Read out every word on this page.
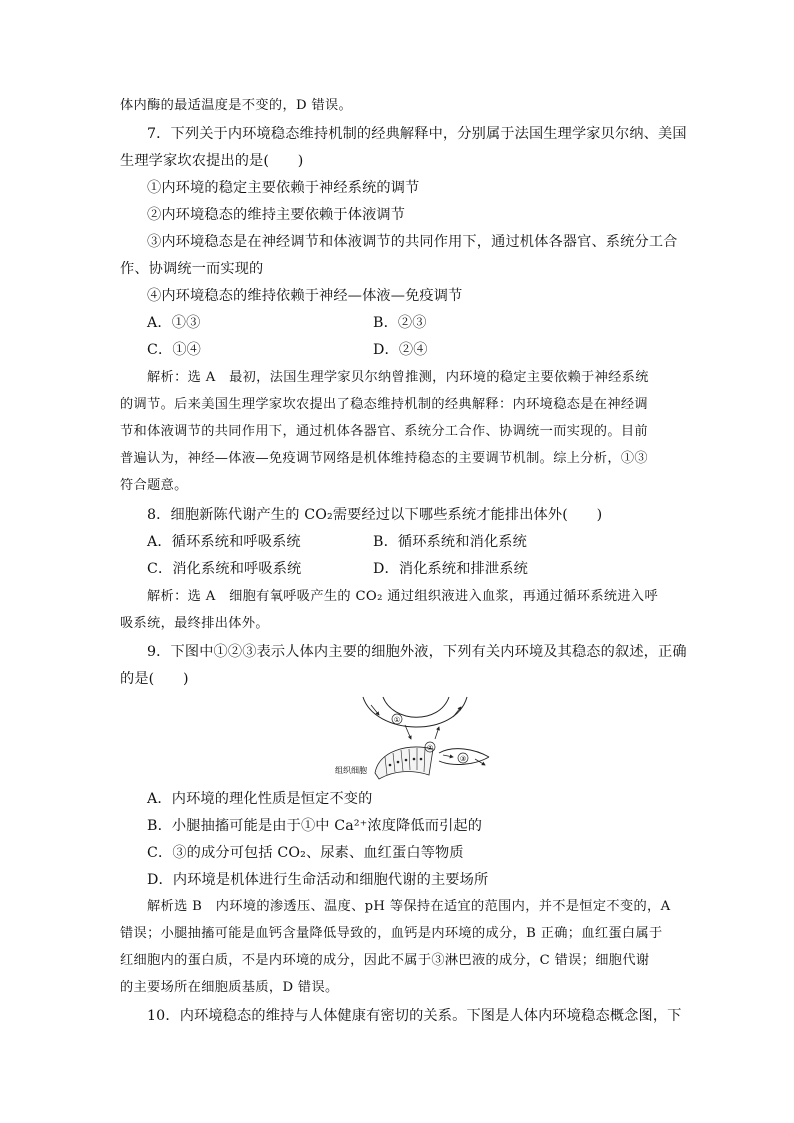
体内酶的最适温度是不变的，D 错误。
7．下列关于内环境稳态维持机制的经典解释中，分别属于法国生理学家贝尔纳、美国
生理学家坎农提出的是(　　)
①内环境的稳定主要依赖于神经系统的调节
②内环境稳态的维持主要依赖于体液调节
③内环境稳态是在神经调节和体液调节的共同作用下，通过机体各器官、系统分工合
作、协调统一而实现的
④内环境稳态的维持依赖于神经—体液—免疫调节
A．①③	B．②③
C．①④	D．②④
解析：选 A　最初，法国生理学家贝尔纳曾推测，内环境的稳定主要依赖于神经系统
的调节。后来美国生理学家坎农提出了稳态维持机制的经典解释：内环境稳态是在神经调
节和体液调节的共同作用下，通过机体各器官、系统分工合作、协调统一而实现的。目前
普遍认为，神经—体液—免疫调节网络是机体维持稳态的主要调节机制。综上分析，①③
符合题意。
8．细胞新陈代谢产生的 CO₂需要经过以下哪些系统才能排出体外(　　)
A．循环系统和呼吸系统	B．循环系统和消化系统
C．消化系统和呼吸系统	D．消化系统和排泄系统
解析：选 A　细胞有氧呼吸产生的 CO₂ 通过组织液进入血浆，再通过循环系统进入呼
吸系统，最终排出体外。
9．下图中①②③表示人体内主要的细胞外液，下列有关内环境及其稳态的叙述，正确
的是(　　)
①
②
③
组织细胞
A．内环境的理化性质是恒定不变的
B．小腿抽搐可能是由于①中 Ca²⁺浓度降低而引起的
C．③的成分可包括 CO₂、尿素、血红蛋白等物质
D．内环境是机体进行生命活动和细胞代谢的主要场所
解析选 B　内环境的渗透压、温度、pH 等保持在适宜的范围内，并不是恒定不变的，A
错误；小腿抽搐可能是血钙含量降低导致的，血钙是内环境的成分，B 正确；血红蛋白属于
红细胞内的蛋白质，不是内环境的成分，因此不属于③淋巴液的成分，C 错误；细胞代谢
的主要场所在细胞质基质，D 错误。
10．内环境稳态的维持与人体健康有密切的关系。下图是人体内环境稳态概念图，下
